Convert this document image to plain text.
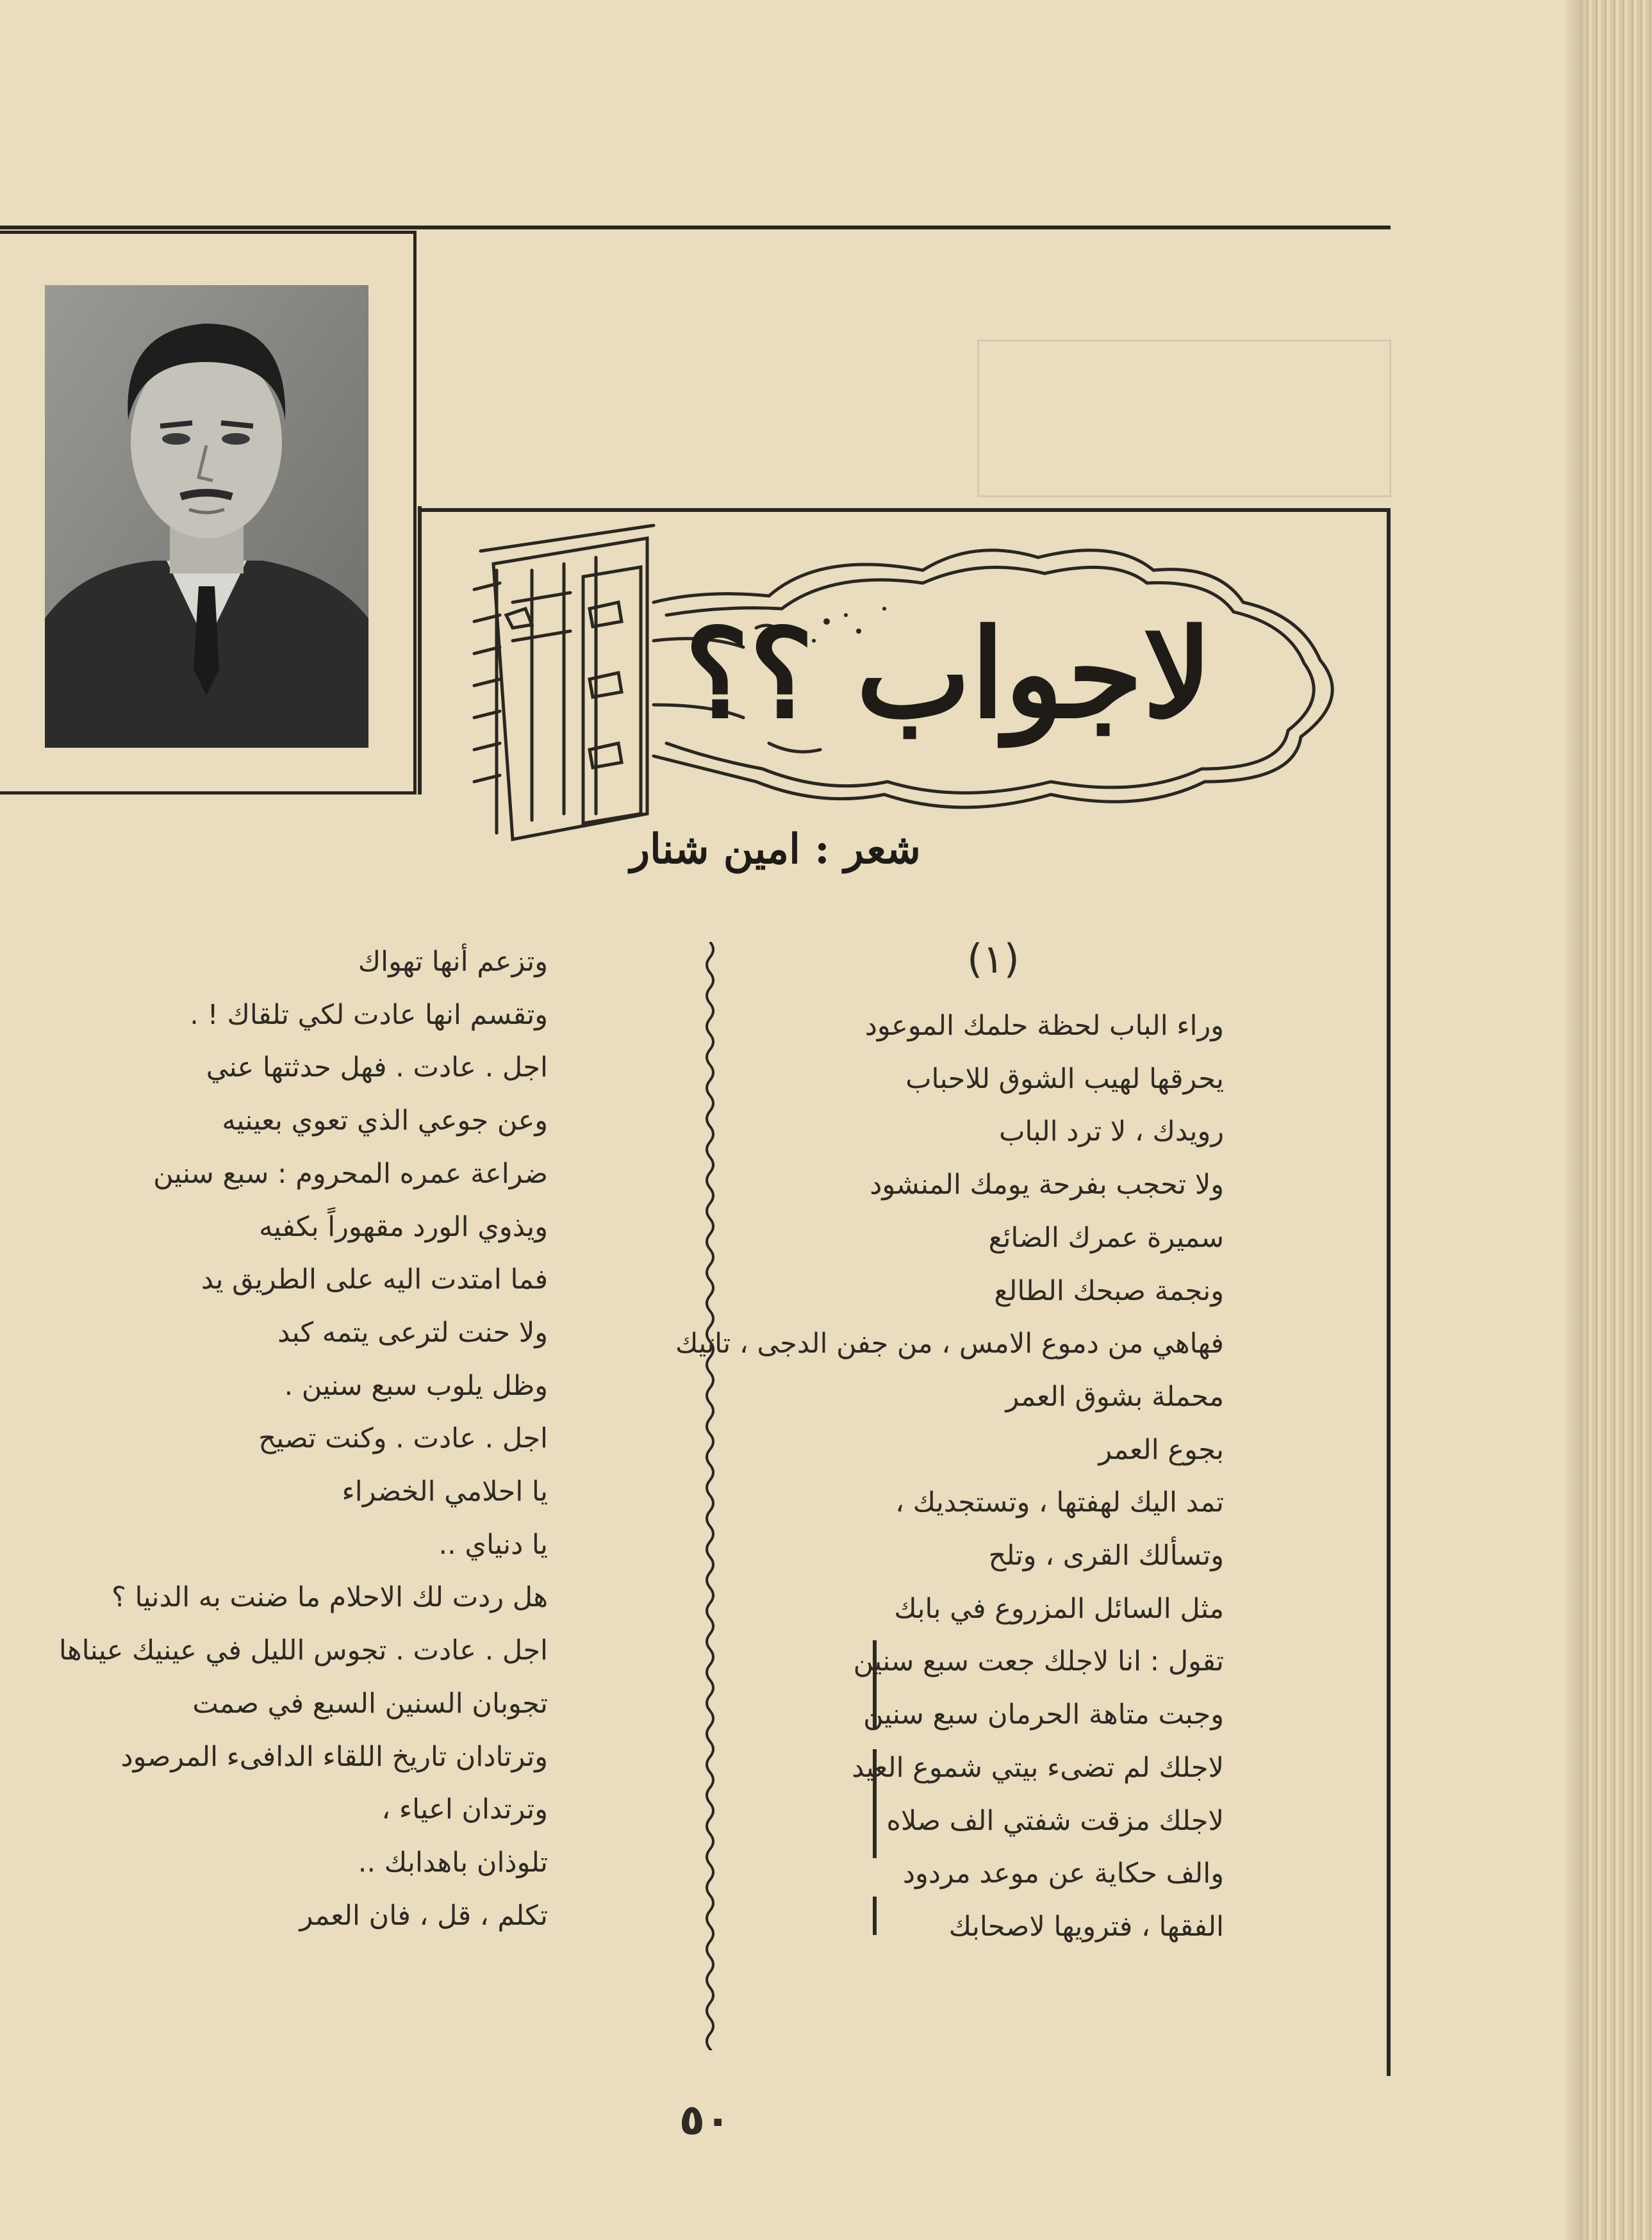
لاجواب ؟؟
شعر : امين شنار
(١)
وراء الباب لحظة حلمك الموعود
يحرقها لهيب الشوق للاحباب
رويدك ، لا ترد الباب
ولا تحجب بفرحة يومك المنشود
سميرة عمرك الضائع
ونجمة صبحك الطالع
فهاهي من دموع الامس ، من جفن الدجى ، تاتيك
محملة بشوق العمر
بجوع العمر
تمد اليك لهفتها ، وتستجديك ،
وتسألك القرى ، وتلح
مثل السائل المزروع في بابك
تقول : انا لاجلك جعت سبع سنين
وجبت متاهة الحرمان سبع سنين
لاجلك لم تضىء بيتي شموع العيد
لاجلك مزقت شفتي الف صلاه
والف حكاية عن موعد مردود
الفقها ، فترويها لاصحابك
وتزعم أنها تهواك
وتقسم انها عادت لكي تلقاك ! .
اجل . عادت . فهل حدثتها عني
وعن جوعي الذي تعوي بعينيه
ضراعة عمره المحروم : سبع سنين
ويذوي الورد مقهوراً بكفيه
فما امتدت اليه على الطريق يد
ولا حنت لترعى يتمه كبد
وظل يلوب سبع سنين .
اجل . عادت . وكنت تصيح
يا احلامي الخضراء
يا دنياي ..
هل ردت لك الاحلام ما ضنت به الدنيا ؟
اجل . عادت . تجوس الليل في عينيك عيناها
تجوبان السنين السبع في صمت
وترتادان تاريخ اللقاء الدافىء المرصود
وترتدان اعياء ،
تلوذان باهدابك ..
تكلم ، قل ، فان العمر
٥٠
